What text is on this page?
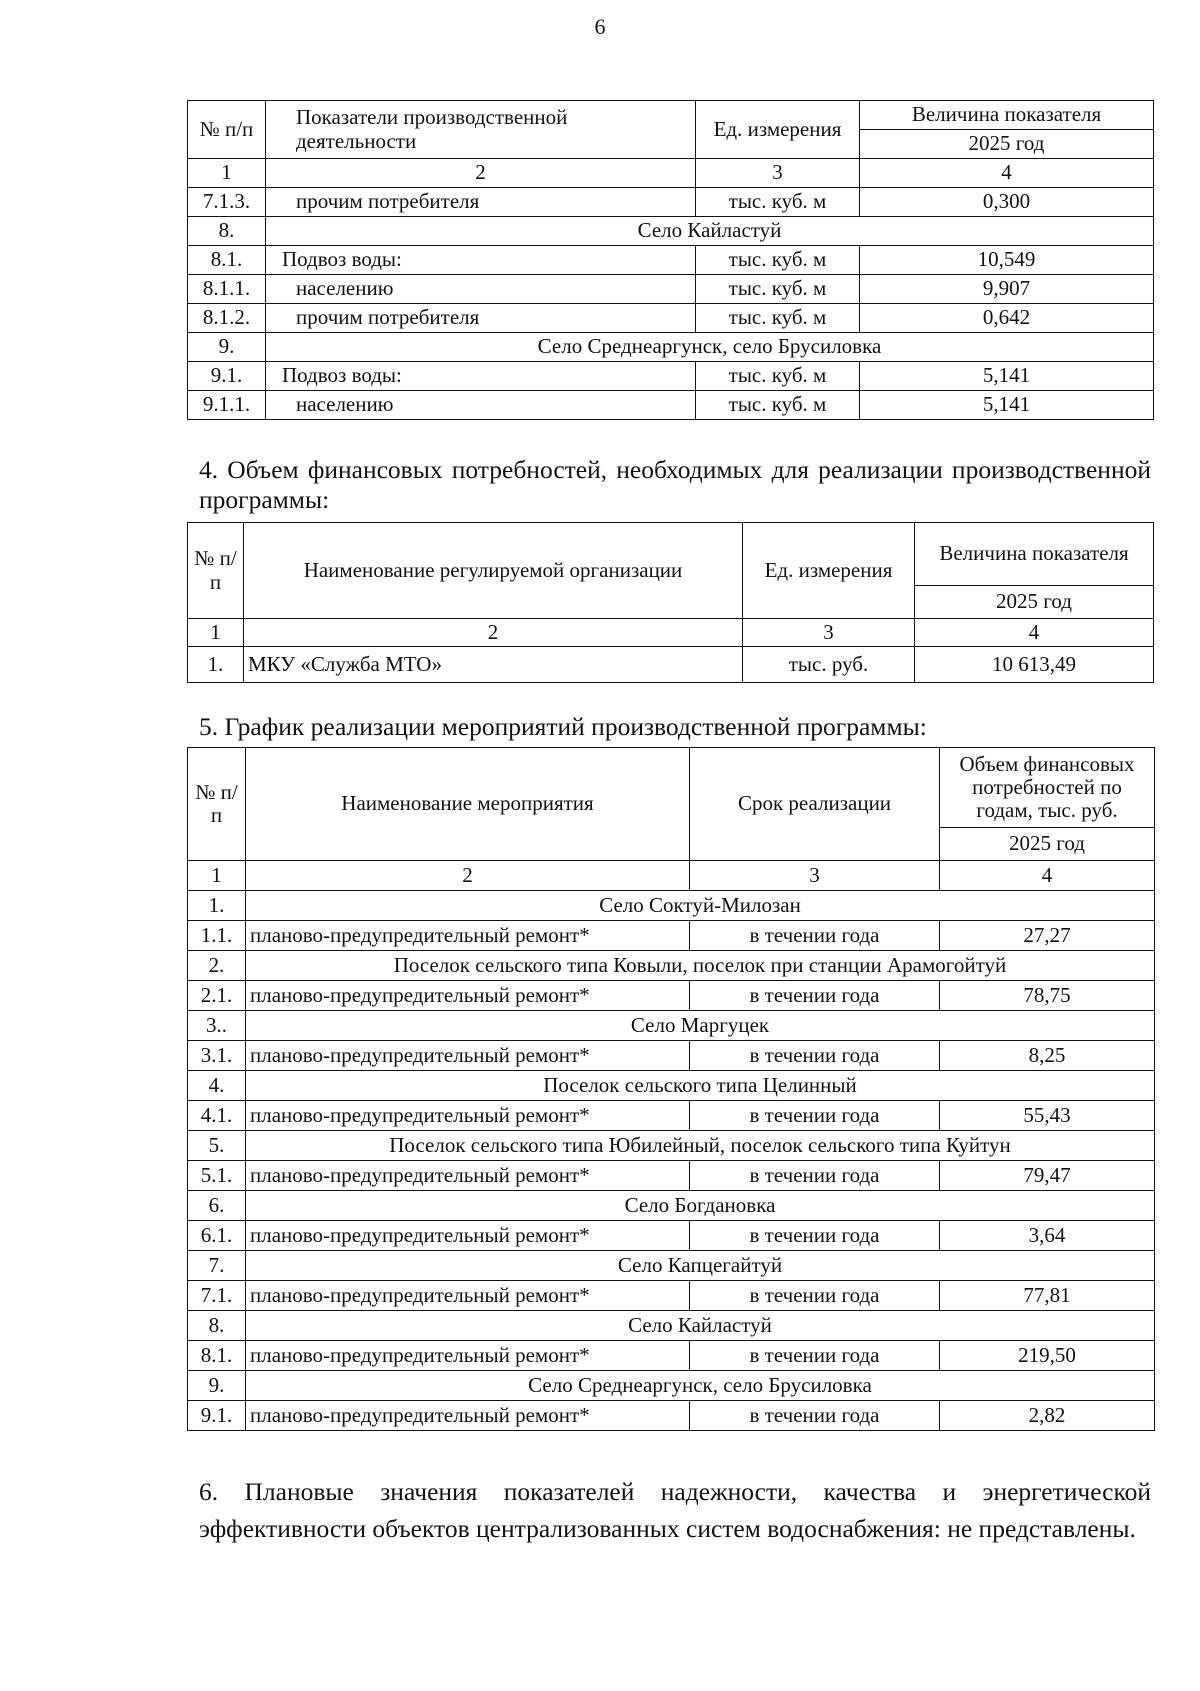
6
№ п/п	Показатели производственной деятельности	Ед. измерения	Величина показателя
			2025 год
1	2	3	4
7.1.3.	прочим потребителя	тыс. куб. м	0,300
8.	Село Кайластуй		
8.1.	Подвоз воды:	тыс. куб. м	10,549
8.1.1.	населению	тыс. куб. м	9,907
8.1.2.	прочим потребителя	тыс. куб. м	0,642
9.	Село Среднеаргунск, село Брусиловка		
9.1.	Подвоз воды:	тыс. куб. м	5,141
9.1.1.	населению	тыс. куб. м	5,141
4. Объем финансовых потребностей, необходимых для реализации производственной программы:
№ п/п	Наименование регулируемой организации	Ед. измерения	Величина показателя
			2025 год
1	2	3	4
1.	МКУ «Служба МТО»	тыс. руб.	10 613,49
5. График реализации мероприятий производственной программы:
№ п/п	Наименование мероприятия	Срок реализации	Объем финансовых потребностей по годам, тыс. руб.
			2025 год
1	2	3	4
1.	Село Соктуй-Милозан		
1.1.	планово-предупредительный ремонт*	в течении года	27,27
2.	Поселок сельского типа Ковыли, поселок при станции Арамогойтуй		
2.1.	планово-предупредительный ремонт*	в течении года	78,75
3..	Село Маргуцек		
3.1.	планово-предупредительный ремонт*	в течении года	8,25
4.	Поселок сельского типа Целинный		
4.1.	планово-предупредительный ремонт*	в течении года	55,43
5.	Поселок сельского типа Юбилейный, поселок сельского типа Куйтун		
5.1.	планово-предупредительный ремонт*	в течении года	79,47
6.	Село Богдановка		
6.1.	планово-предупредительный ремонт*	в течении года	3,64
7.	Село Капцегайтуй		
7.1.	планово-предупредительный ремонт*	в течении года	77,81
8.	Село Кайластуй		
8.1.	планово-предупредительный ремонт*	в течении года	219,50
9.	Село Среднеаргунск, село Брусиловка		
9.1.	планово-предупредительный ремонт*	в течении года	2,82
6. Плановые значения показателей надежности, качества и энергетической эффективности объектов централизованных систем водоснабжения: не представлены.
